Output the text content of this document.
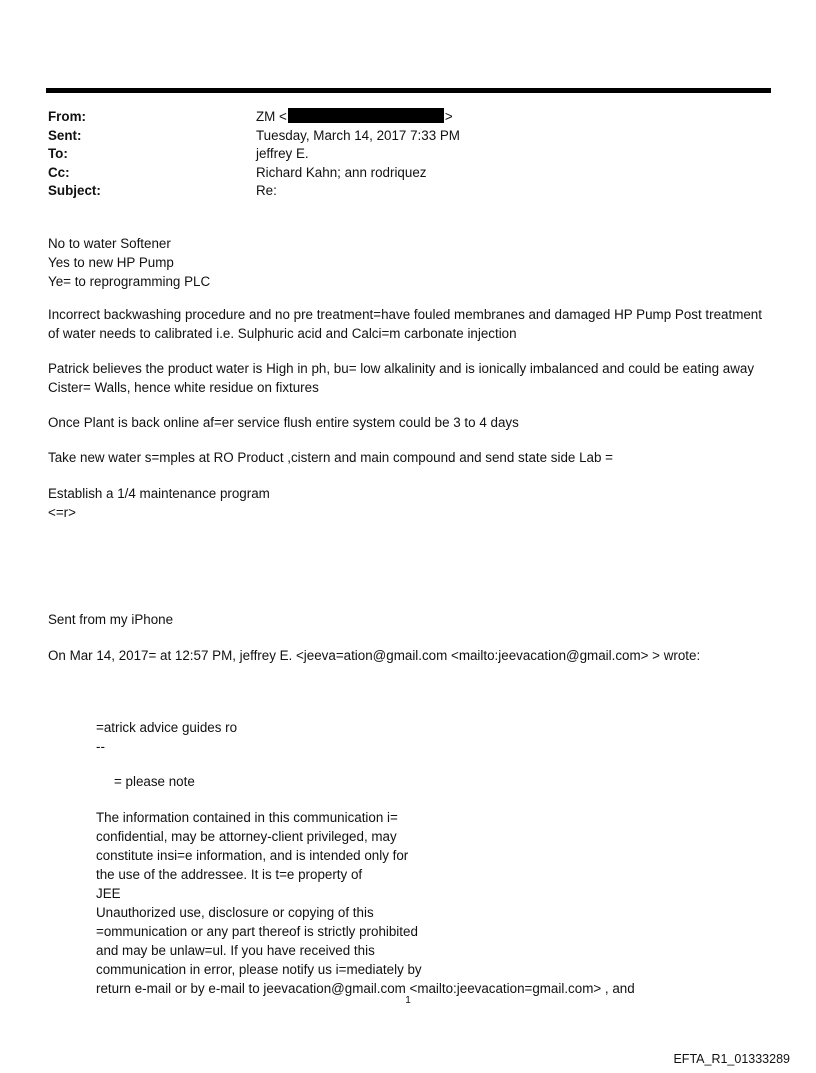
From:	ZM <	>
Sent:	Tuesday, March 14, 2017 7:33 PM
To:	jeffrey E.
Cc:	Richard Kahn; ann rodriquez
Subject:	Re:
No to water Softener
Yes to new HP Pump
Ye= to reprogramming PLC
Incorrect backwashing procedure and no pre treatment=have fouled membranes and damaged HP Pump Post treatment of water needs to calibrated i.e. Sulphuric acid and Calci=m carbonate injection
Patrick believes the product water is High in ph, bu= low alkalinity and is ionically imbalanced and could be eating away Cister= Walls, hence white residue on fixtures
Once Plant is back online af=er service flush entire system could be 3 to 4 days
Take new water s=mples at RO Product ,cistern and main compound and send state side Lab =
Establish a 1/4 maintenance program
<=r>
Sent from my iPhone
On Mar 14, 2017= at 12:57 PM, jeffrey E. <jeeva=ation@gmail.com <mailto:jeevacation@gmail.com> > wrote:
=atrick advice guides ro
--
= please note
The information contained in this communication i=
confidential, may be attorney-client privileged, may
constitute insi=e information, and is intended only for
the use of the addressee. It is t=e property of
JEE
Unauthorized use, disclosure or copying of this
=ommunication or any part thereof is strictly prohibited
and may be unlaw=ul. If you have received this
communication in error, please notify us i=mediately by
return e-mail or by e-mail to jeevacation@gmail.com <mailto:jeevacation=gmail.com> , and
1
EFTA_R1_01333289
